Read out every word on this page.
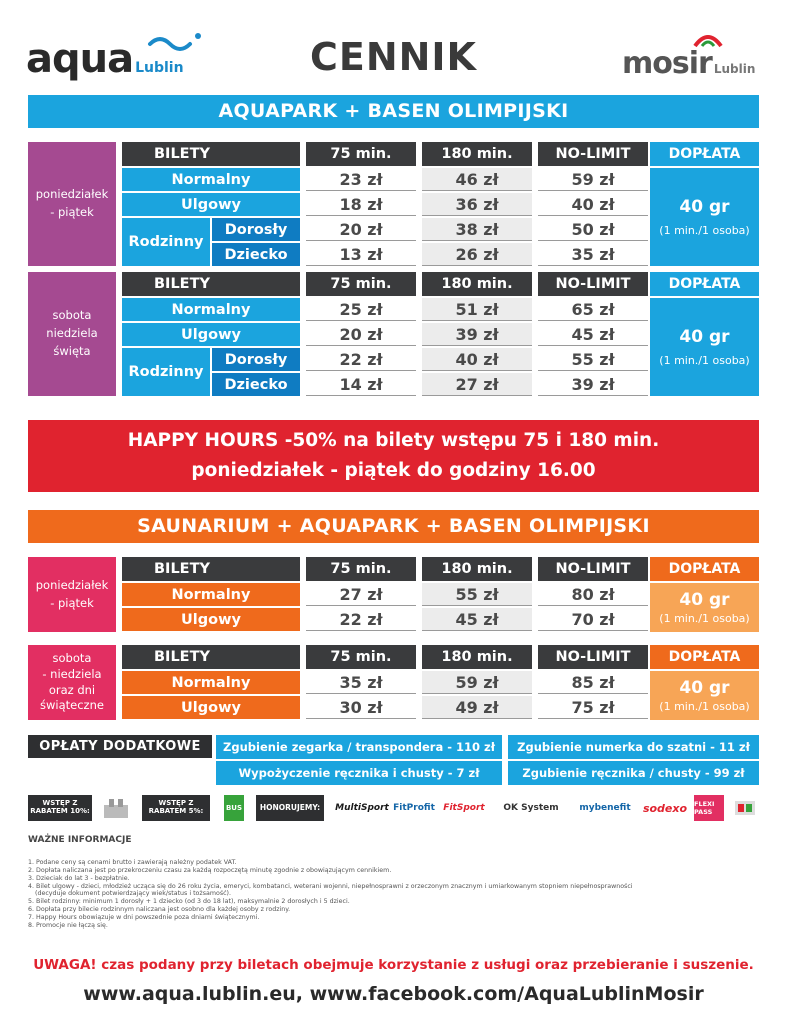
aqua Lublin	CENNIK	mosir Lublin
AQUAPARK + BASEN OLIMPIJSKI
poniedziałek
- piątek
BILETY	75 min.	180 min.	NO-LIMIT	DOPŁATA
Normalny	23 zł	46 zł	59 zł
Ulgowy	18 zł	36 zł	40 zł
Rodzinny
Dorosły	20 zł	38 zł	50 zł
Dziecko	13 zł	26 zł	35 zł
40 gr
(1 min./1 osoba)
sobota
niedziela
święta
BILETY	75 min.	180 min.	NO-LIMIT	DOPŁATA
Normalny	25 zł	51 zł	65 zł
Ulgowy	20 zł	39 zł	45 zł
Rodzinny
Dorosły	22 zł	40 zł	55 zł
Dziecko	14 zł	27 zł	39 zł
40 gr
(1 min./1 osoba)
HAPPY HOURS -50% na bilety wstępu 75 i 180 min.
poniedziałek - piątek do godziny 16.00
SAUNARIUM + AQUAPARK + BASEN OLIMPIJSKI
poniedziałek
- piątek
BILETY	75 min.	180 min.	NO-LIMIT	DOPŁATA
Normalny	27 zł	55 zł	80 zł
Ulgowy	22 zł	45 zł	70 zł
40 gr
(1 min./1 osoba)
sobota
- niedziela
oraz dni
świąteczne
BILETY	75 min.	180 min.	NO-LIMIT	DOPŁATA
Normalny	35 zł	59 zł	85 zł
Ulgowy	30 zł	49 zł	75 zł
40 gr
(1 min./1 osoba)
OPŁATY DODATKOWE	Zgubienie zegarka / transpondera - 110 zł	Zgubienie numerka do szatni - 11 zł
Wypożyczenie ręcznika i chusty - 7 zł	Zgubienie ręcznika / chusty - 99 zł
WSTĘP Z RABATEM 10%:
WSTĘP Z RABATEM 5%:	BUS	HONORUJEMY:	MultiSport FitProfit FitSport	OK System	mybenefit	sodexo	FLEXI PASS
WAŻNE INFORMACJE
1. Podane ceny są cenami brutto i zawierają należny podatek VAT.
2. Dopłata naliczana jest po przekroczeniu czasu za każdą rozpoczętą minutę zgodnie z obowiązującym cennikiem.
3. Dzieciak do lat 3 - bezpłatnie.
4. Bilet ulgowy - dzieci, młodzież ucząca się do 26 roku życia, emeryci, kombatanci, weterani wojenni, niepełnosprawni z orzeczonym znacznym i umiarkowanym stopniem niepełnosprawności
(decyduje dokument potwierdzający wiek/status i tożsamość).
5. Bilet rodzinny: minimum 1 dorosły + 1 dziecko (od 3 do 18 lat), maksymalnie 2 dorosłych i 5 dzieci.
6. Dopłata przy bilecie rodzinnym naliczana jest osobno dla każdej osoby z rodziny.
7. Happy Hours obowiązuje w dni powszednie poza dniami świątecznymi.
8. Promocje nie łączą się.
UWAGA! czas podany przy biletach obejmuje korzystanie z usługi oraz przebieranie i suszenie.
www.aqua.lublin.eu, www.facebook.com/AquaLublinMosir
